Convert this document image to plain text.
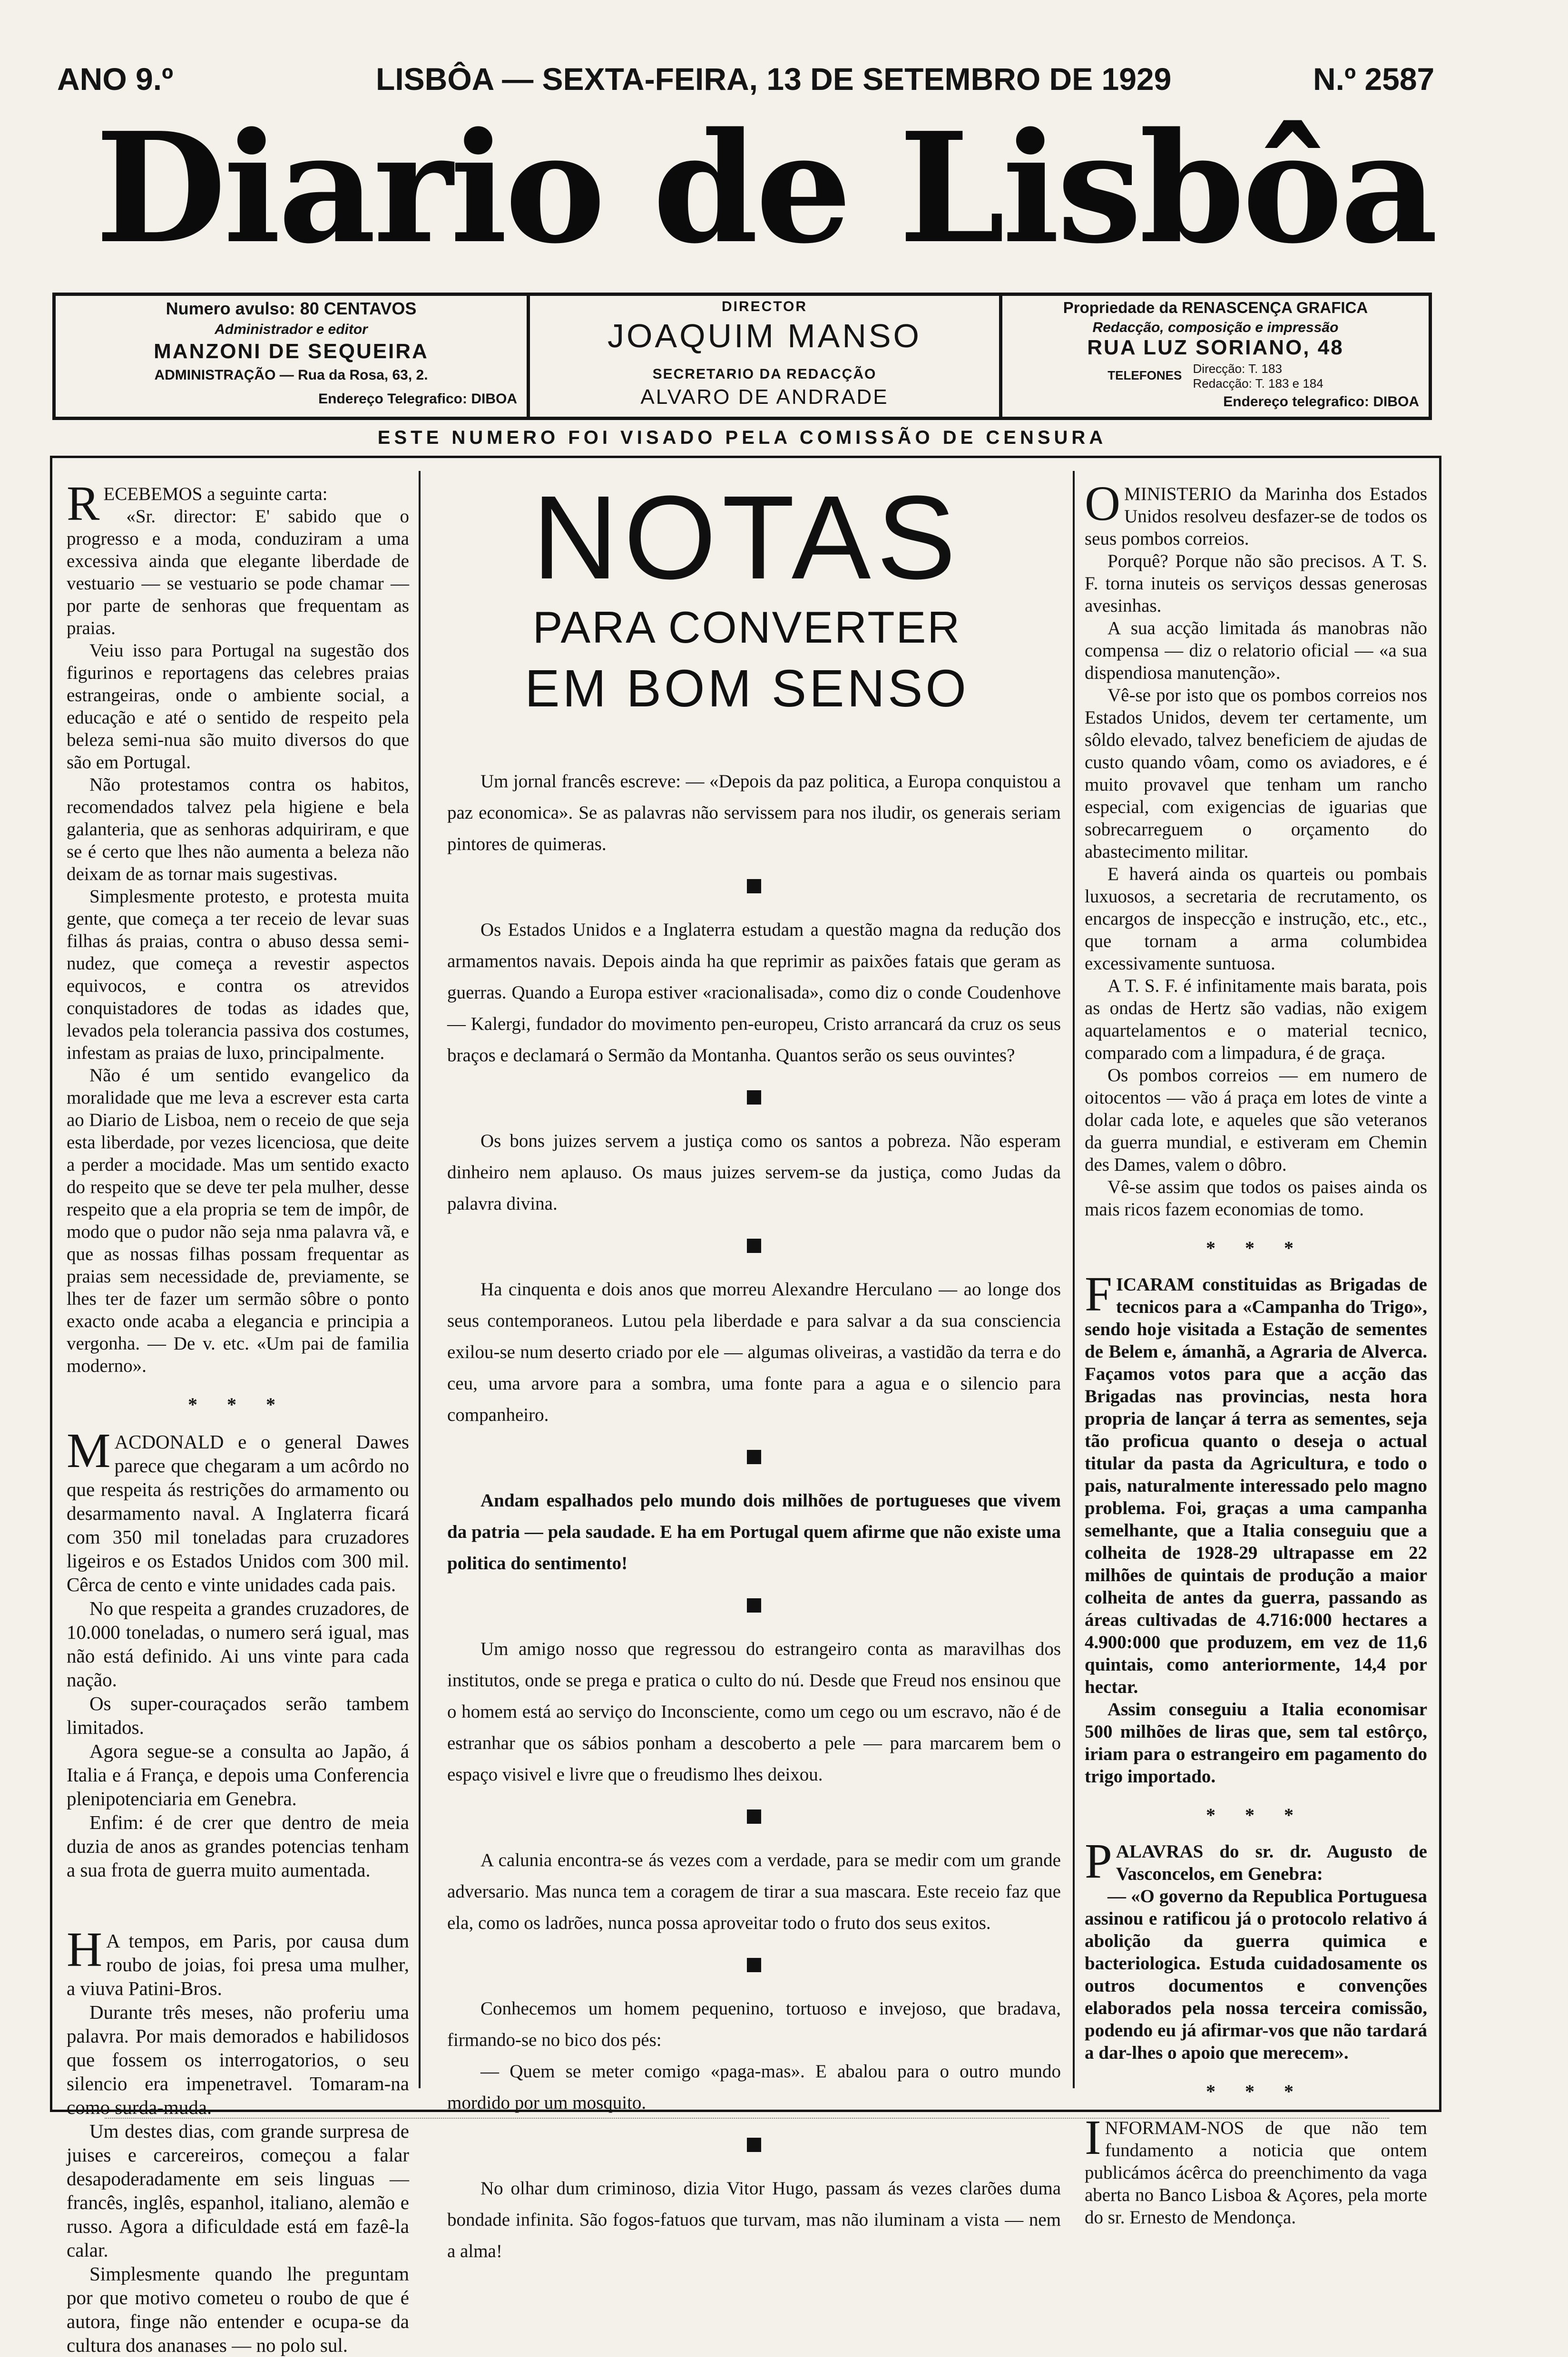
ANO 9.º	LISBÔA — SEXTA-FEIRA, 13 DE SETEMBRO DE 1929	N.º 2587
Diario de Lisbôa
Numero avulso: 80 CENTAVOS
Administrador e editor
MANZONI DE SEQUEIRA
ADMINISTRAÇÃO — Rua da Rosa, 63, 2.
Endereço Telegrafico: DIBOA
DIRECTOR
JOAQUIM MANSO
SECRETARIO DA REDACÇÃO
ALVARO DE ANDRADE
Propriedade da RENASCENÇA GRAFICA
Redacção, composição e impressão
RUA LUZ SORIANO, 48
TELEFONES Direcção: T. 183
Redacção: T. 183 e 184
Endereço telegrafico: DIBOA
ESTE NUMERO FOI VISADO PELA COMISSÃO DE CENSURA
R ECEBEMOS a seguinte carta:

«Sr. director: E' sabido que o progresso e a moda, conduziram a uma excessiva ainda que elegante liberdade de vestuario — se vestuario se pode chamar — por parte de senhoras que frequentam as praias.

Veiu isso para Portugal na sugestão dos figurinos e reportagens das celebres praias estrangeiras, onde o ambiente social, a educação e até o sentido de respeito pela beleza semi-nua são muito diversos do que são em Portugal.

Não protestamos contra os habitos, recomendados talvez pela higiene e bela galanteria, que as senhoras adquiriram, e que se é certo que lhes não aumenta a beleza não deixam de as tornar mais sugestivas.

Simplesmente protesto, e protesta muita gente, que começa a ter receio de levar suas filhas ás praias, contra o abuso dessa semi-nudez, que começa a revestir aspectos equivocos, e contra os atrevidos conquistadores de todas as idades que, levados pela tolerancia passiva dos costumes, infestam as praias de luxo, principalmente.

Não é um sentido evangelico da moralidade que me leva a escrever esta carta ao Diario de Lisboa, nem o receio de que seja esta liberdade, por vezes licenciosa, que deite a perder a mocidade. Mas um sentido exacto do respeito que se deve ter pela mulher, desse respeito que a ela propria se tem de impôr, de modo que o pudor não seja nma palavra vã, e que as nossas filhas possam frequentar as praias sem necessidade de, previamente, se lhes ter de fazer um sermão sôbre o ponto exacto onde acaba a elegancia e principia a vergonha. — De v. etc. «Um pai de familia moderno».

* * *
M ACDONALD e o general Dawes parece que chegaram a um acôrdo no que respeita ás restrições do armamento ou desarmamento naval. A Inglaterra ficará com 350 mil toneladas para cruzadores ligeiros e os Estados Unidos com 300 mil. Cêrca de cento e vinte unidades cada pais.

No que respeita a grandes cruzadores, de 10.000 toneladas, o numero será igual, mas não está definido. Ai uns vinte para cada nação.

Os super-couraçados serão tambem limitados.

Agora segue-se a consulta ao Japão, á Italia e á França, e depois uma Conferencia plenipotenciaria em Genebra.

Enfim: é de crer que dentro de meia duzia de anos as grandes potencias tenham a sua frota de guerra muito aumentada.

H A tempos, em Paris, por causa dum roubo de joias, foi presa uma mulher, a viuva Patini-Bros.

Durante três meses, não proferiu uma palavra. Por mais demorados e habilidosos que fossem os interrogatorios, o seu silencio era impenetravel. Tomaram-na como surda-muda.

Um destes dias, com grande surpresa de juises e carcereiros, começou a falar desapoderadamente em seis linguas — francês, inglês, espanhol, italiano, alemão e russo. Agora a dificuldade está em fazê-la calar.

Simplesmente quando lhe preguntam por que motivo cometeu o roubo de que é autora, finge não entender e ocupa-se da cultura dos ananases — no polo sul.

NOTAS
PARA CONVERTER
EM BOM SENSO

Um jornal francês escreve: — «Depois da paz politica, a Europa conquistou a paz economica». Se as palavras não servissem para nos iludir, os generais seriam pintores de quimeras.

Os Estados Unidos e a Inglaterra estudam a questão magna da redução dos armamentos navais. Depois ainda ha que reprimir as paixões fatais que geram as guerras. Quando a Europa estiver «racionalisada», como diz o conde Coudenhove — Kalergi, fundador do movimento pen-europeu, Cristo arrancará da cruz os seus braços e declamará o Sermão da Montanha. Quantos serão os seus ouvintes?

Os bons juizes servem a justiça como os santos a pobreza. Não esperam dinheiro nem aplauso. Os maus juizes servem-se da justiça, como Judas da palavra divina.

Ha cinquenta e dois anos que morreu Alexandre Herculano — ao longe dos seus contemporaneos. Lutou pela liberdade e para salvar a da sua consciencia exilou-se num deserto criado por ele — algumas oliveiras, a vastidão da terra e do ceu, uma arvore para a sombra, uma fonte para a agua e o silencio para companheiro.

Andam espalhados pelo mundo dois milhões de portugueses que vivem da patria — pela saudade. E ha em Portugal quem afirme que não existe uma politica do sentimento!

Um amigo nosso que regressou do estrangeiro conta as maravilhas dos institutos, onde se prega e pratica o culto do nú. Desde que Freud nos ensinou que o homem está ao serviço do Inconsciente, como um cego ou um escravo, não é de estranhar que os sábios ponham a descoberto a pele — para marcarem bem o espaço visivel e livre que o freudismo lhes deixou.

A calunia encontra-se ás vezes com a verdade, para se medir com um grande adversario. Mas nunca tem a coragem de tirar a sua mascara. Este receio faz que ela, como os ladrões, nunca possa aproveitar todo o fruto dos seus exitos.

Conhecemos um homem pequenino, tortuoso e invejoso, que bradava, firmando-se no bico dos pés:

— Quem se meter comigo «paga-mas». E abalou para o outro mundo mordido por um mosquito.

No olhar dum criminoso, dizia Vitor Hugo, passam ás vezes clarões duma bondade infinita. São fogos-fatuos que turvam, mas não iluminam a vista — nem a alma!

O MINISTERIO da Marinha dos Estados Unidos resolveu desfazer-se de todos os seus pombos correios.

Porquê? Porque não são precisos. A T. S. F. torna inuteis os serviços dessas generosas avesinhas.

A sua acção limitada ás manobras não compensa — diz o relatorio oficial — «a sua dispendiosa manutenção».

Vê-se por isto que os pombos correios nos Estados Unidos, devem ter certamente, um sôldo elevado, talvez beneficiem de ajudas de custo quando vôam, como os aviadores, e é muito provavel que tenham um rancho especial, com exigencias de iguarias que sobrecarreguem o orçamento do abastecimento militar.

E haverá ainda os quarteis ou pombais luxuosos, a secretaria de recrutamento, os encargos de inspecção e instrução, etc., etc., que tornam a arma columbidea excessivamente suntuosa.

A T. S. F. é infinitamente mais barata, pois as ondas de Hertz são vadias, não exigem aquartelamentos e o material tecnico, comparado com a limpadura, é de graça.

Os pombos correios — em numero de oitocentos — vão á praça em lotes de vinte a dolar cada lote, e aqueles que são veteranos da guerra mundial, e estiveram em Chemin des Dames, valem o dôbro.

Vê-se assim que todos os paises ainda os mais ricos fazem economias de tomo.

* * *
F ICARAM constituidas as Brigadas de tecnicos para a «Campanha do Trigo», sendo hoje visitada a Estação de sementes de Belem e, ámanhã, a Agraria de Alverca. Façamos votos para que a acção das Brigadas nas provincias, nesta hora propria de lançar á terra as sementes, seja tão proficua quanto o deseja o actual titular da pasta da Agricultura, e todo o pais, naturalmente interessado pelo magno problema. Foi, graças a uma campanha semelhante, que a Italia conseguiu que a colheita de 1928-29 ultrapasse em 22 milhões de quintais de produção a maior colheita de antes da guerra, passando as áreas cultivadas de 4.716:000 hectares a 4.900:000 que produzem, em vez de 11,6 quintais, como anteriormente, 14,4 por hectar.

Assim conseguiu a Italia economisar 500 milhões de liras que, sem tal estôrço, iriam para o estrangeiro em pagamento do trigo importado.

* * *
P ALAVRAS do sr. dr. Augusto de Vasconcelos, em Genebra:

— «O governo da Republica Portuguesa assinou e ratificou já o protocolo relativo á abolição da guerra quimica e bacteriologica. Estuda cuidadosamente os outros documentos e convenções elaborados pela nossa terceira comissão, podendo eu já afirmar-vos que não tardará a dar-lhes o apoio que merecem».

* * *
I NFORMAM-NOS de que não tem fundamento a noticia que ontem publicámos ácêrca do preenchimento da vaga aberta no Banco Lisboa & Açores, pela morte do sr. Ernesto de Mendonça.
